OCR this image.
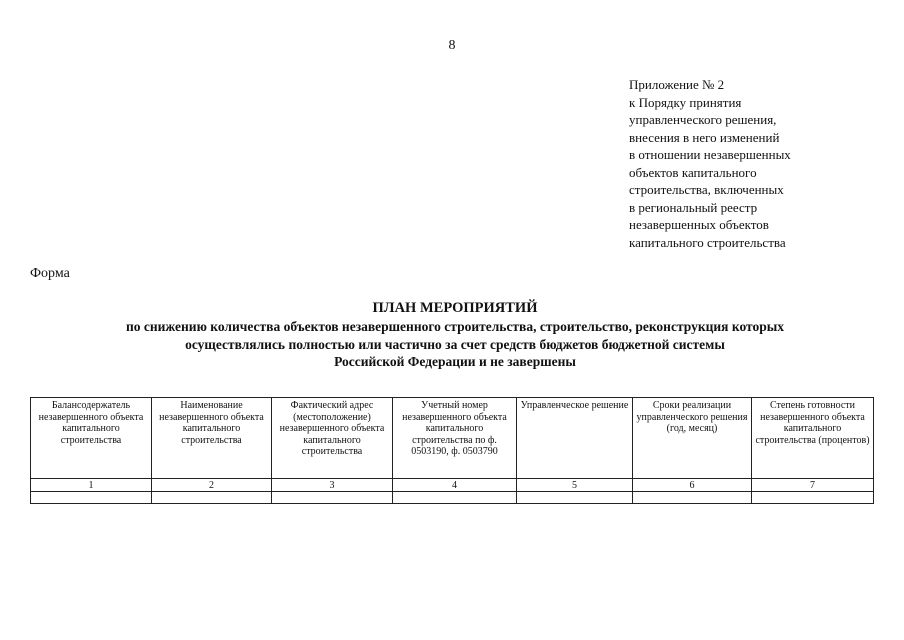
8
Приложение № 2
к Порядку принятия
управленческого решения,
внесения в него изменений
в отношении незавершенных
объектов капитального
строительства, включенных
в региональный реестр
незавершенных объектов
капитального строительства
Форма
ПЛАН МЕРОПРИЯТИЙ
по снижению количества объектов незавершенного строительства, строительство, реконструкция которых
осуществлялись полностью или частично за счет средств бюджетов бюджетной системы
Российской Федерации и не завершены
Балансодержатель незавершенного объекта капитального строительства	Наименование незавершенного объекта капитального строительства	Фактический адрес (местоположение) незавершенного объекта капитального строительства	Учетный номер незавершенного объекта капитального строительства по ф. 0503190, ф. 0503790	Управленческое решение	Сроки реализации управленческого решения (год, месяц)	Степень готовности незавершенного объекта капитального строительства (процентов)

1	2	3	4	5	6	7
